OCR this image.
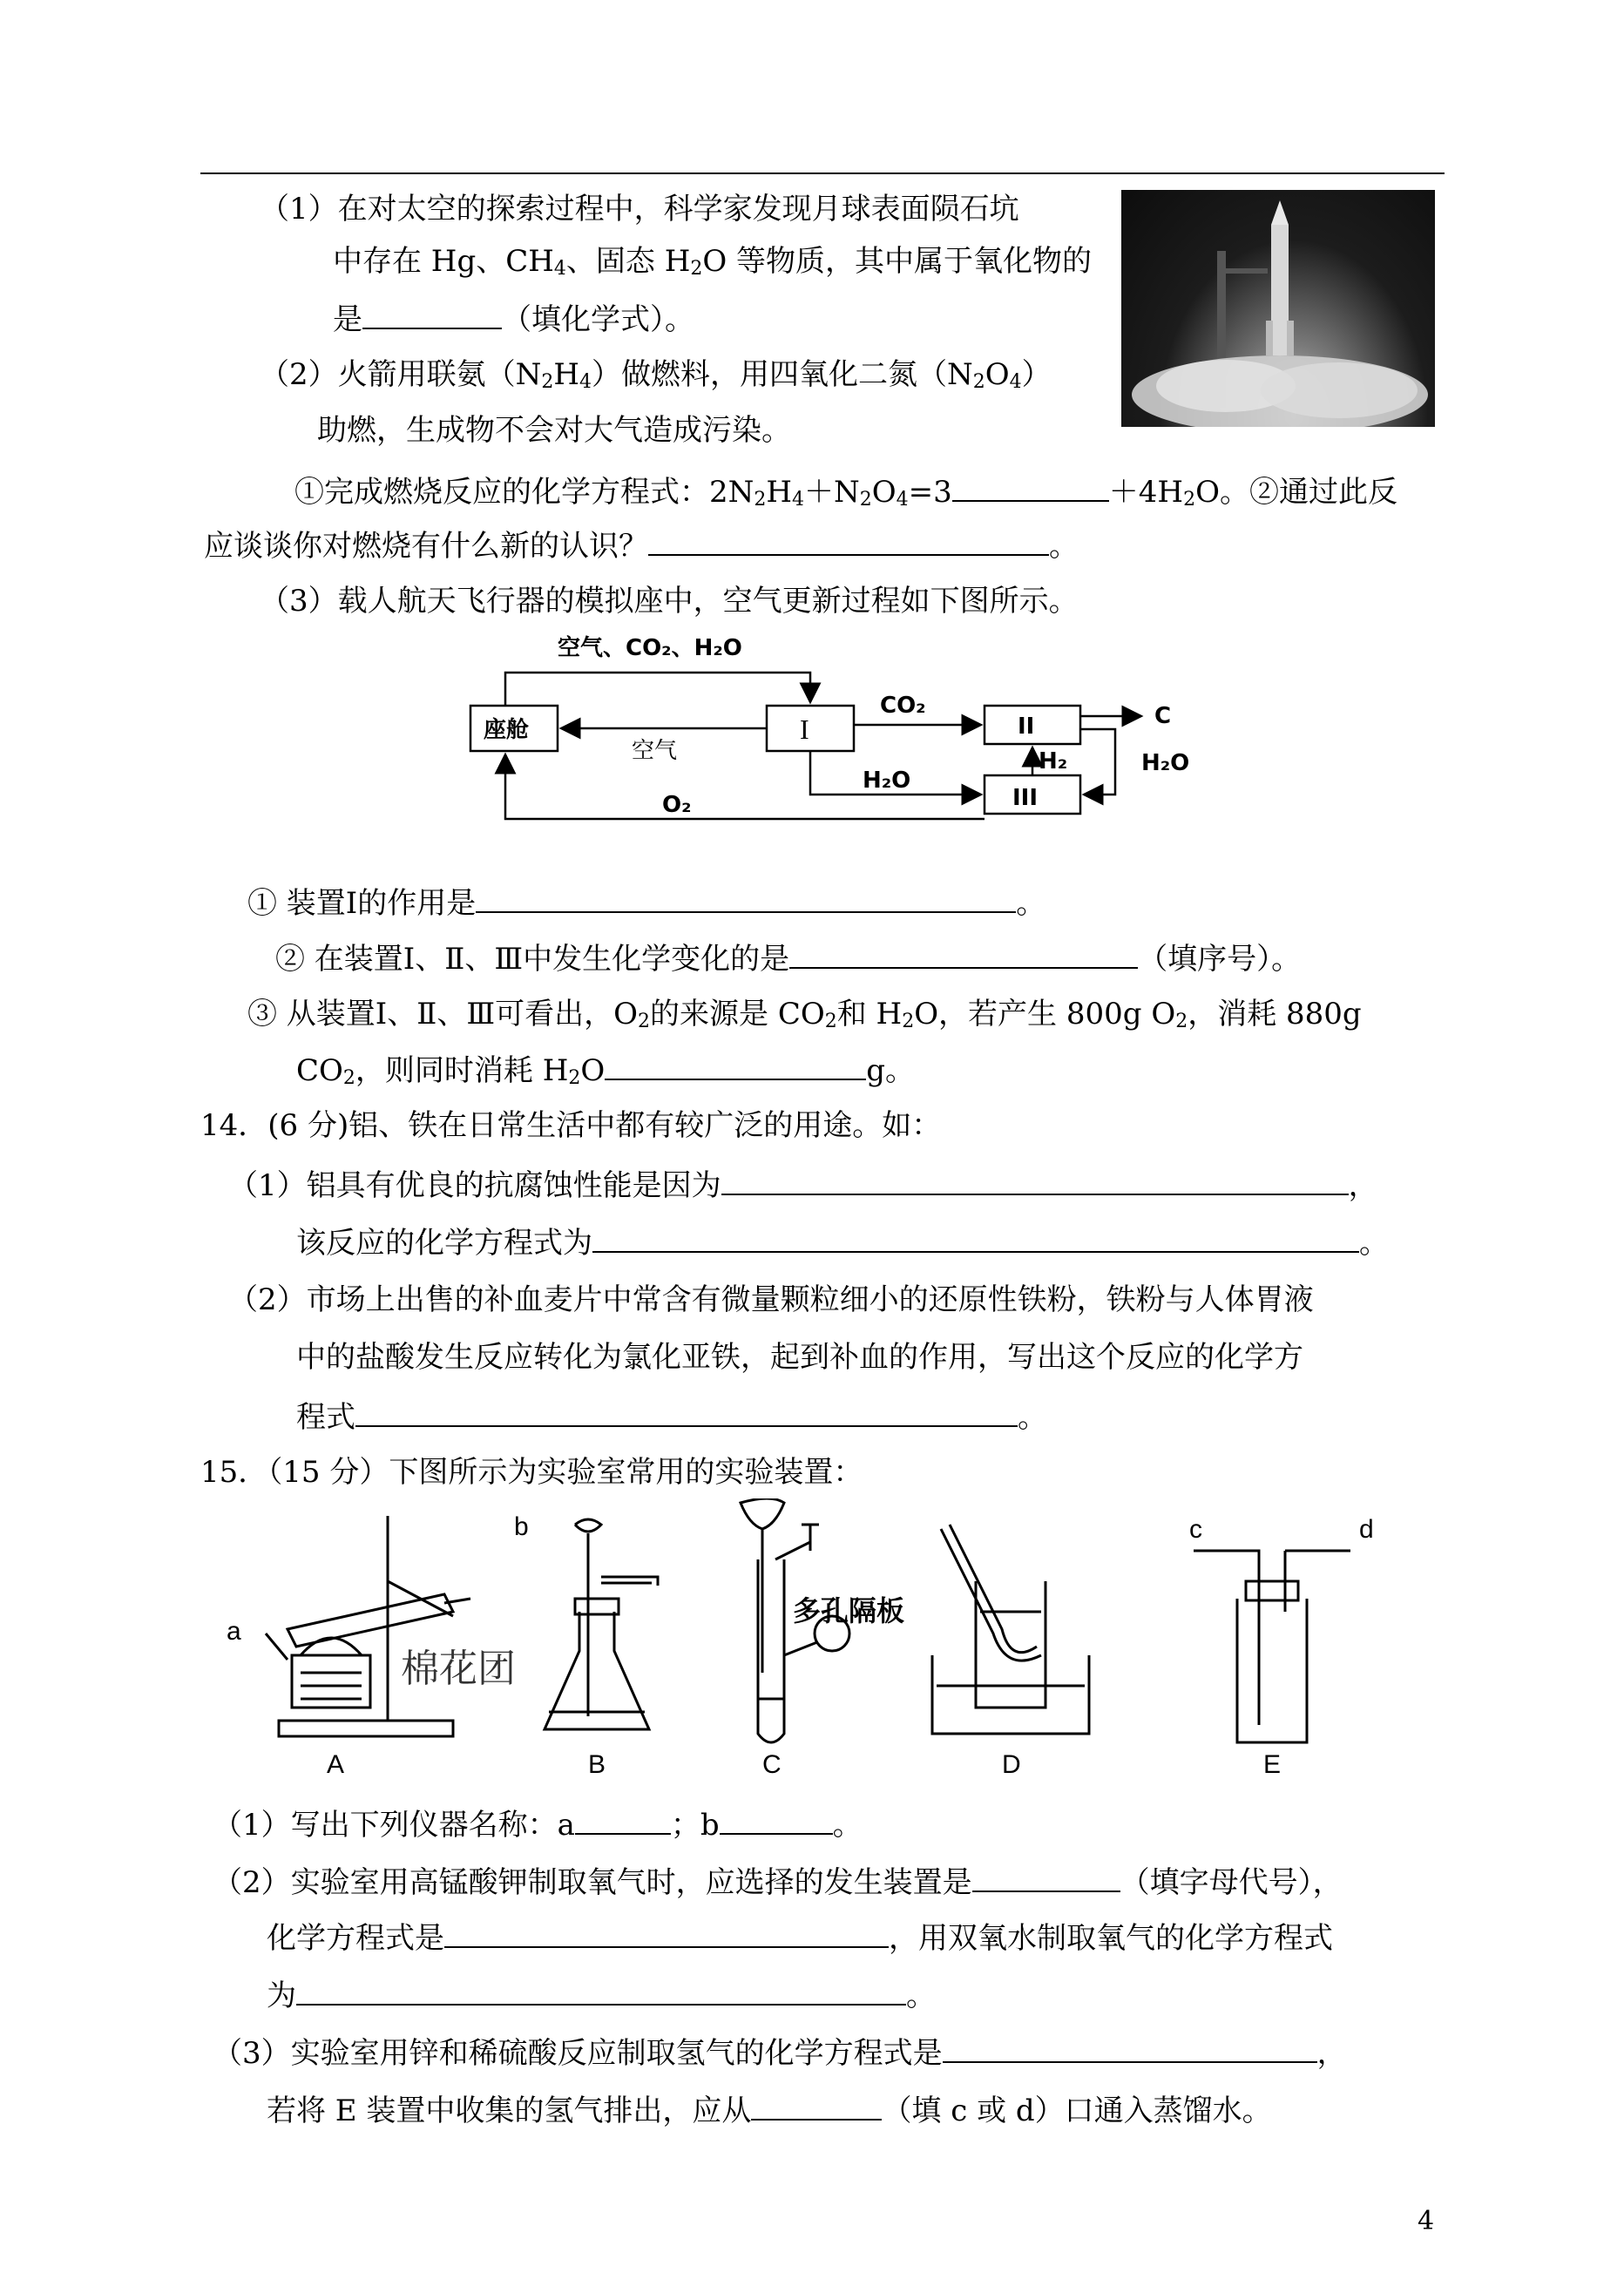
（1）在对太空的探索过程中，科学家发现月球表面陨石坑
中存在 Hg、$CH_4$、固态 $H_2O$ 等物质，其中属于氧化物的
是	（填化学式）。
（2）火箭用联氨$(N_2H_4)$做燃料，用四氧化二氮$(N_2O_4)$
助燃，生成物不会对大气造成污染。
①完成燃烧反应的化学方程式：$2N_2H_4+N_2O_4=3$	$+4H_2O$。②通过此反
应谈谈你对燃烧有什么新的认识？	。
（3）载人航天飞行器的模拟座中，空气更新过程如下图所示。
空气、CO₂、H₂O
座舱	I	II
III
空气
CO₂
H₂O
O₂
H₂
C
H₂O
① 装置Ⅰ的作用是	。
② 在装置Ⅰ、Ⅱ、Ⅲ中发生化学变化的是	（填序号）。
③ 从装置Ⅰ、Ⅱ、Ⅲ可看出，$O_2$的来源是 $CO_2$和 $H_2O$，若产生 800g $O_2$，消耗 880g
$CO_2$，则同时消耗 $H_2O$	g。
14．(6 分)铝、铁在日常生活中都有较广泛的用途。如：
（1）铝具有优良的抗腐蚀性能是因为	，
该反应的化学方程式为	。
（2）市场上出售的补血麦片中常含有微量颗粒细小的还原性铁粉，铁粉与人体胃液
中的盐酸发生反应转化为氯化亚铁，起到补血的作用，写出这个反应的化学方
程式	。
15．（15 分）下图所示为实验室常用的实验装置：
a
b	c	d
棉花团
多孔隔板
A	B	C	D	E
（1）写出下列仪器名称：a	；b	。
（2）实验室用高锰酸钾制取氧气时，应选择的发生装置是	（填字母代号），
化学方程式是	，用双氧水制取氧气的化学方程式
为	。
（3）实验室用锌和稀硫酸反应制取氢气的化学方程式是	，
若将 E 装置中收集的氢气排出，应从	（填 c 或 d）口通入蒸馏水。
4
